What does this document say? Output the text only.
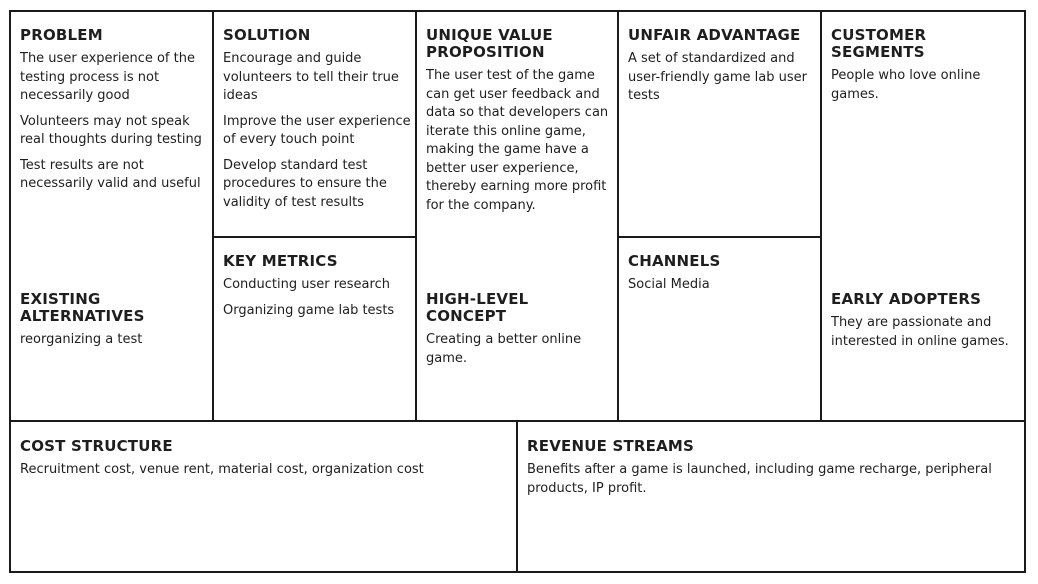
PROBLEM
The user experience of the testing process is not necessarily good
Volunteers may not speak real thoughts during testing
Test results are not necessarily valid and useful
EXISTING ALTERNATIVES
reorganizing a test
SOLUTION
Encourage and guide volunteers to tell their true ideas
Improve the user experience of every touch point
Develop standard test procedures to ensure the validity of test results
KEY METRICS
Conducting user research
Organizing game lab tests
UNIQUE VALUE PROPOSITION
The user test of the game can get user feedback and data so that developers can iterate this online game, making the game have a better user experience, thereby earning more profit for the company.
HIGH-LEVEL CONCEPT
Creating a better online game.
UNFAIR ADVANTAGE
A set of standardized and user-friendly game lab user tests
CHANNELS
Social Media
CUSTOMER SEGMENTS
People who love online games.
EARLY ADOPTERS
They are passionate and interested in online games.
COST STRUCTURE
Recruitment cost, venue rent, material cost, organization cost
REVENUE STREAMS
Benefits after a game is launched, including game recharge, peripheral products, IP profit.
